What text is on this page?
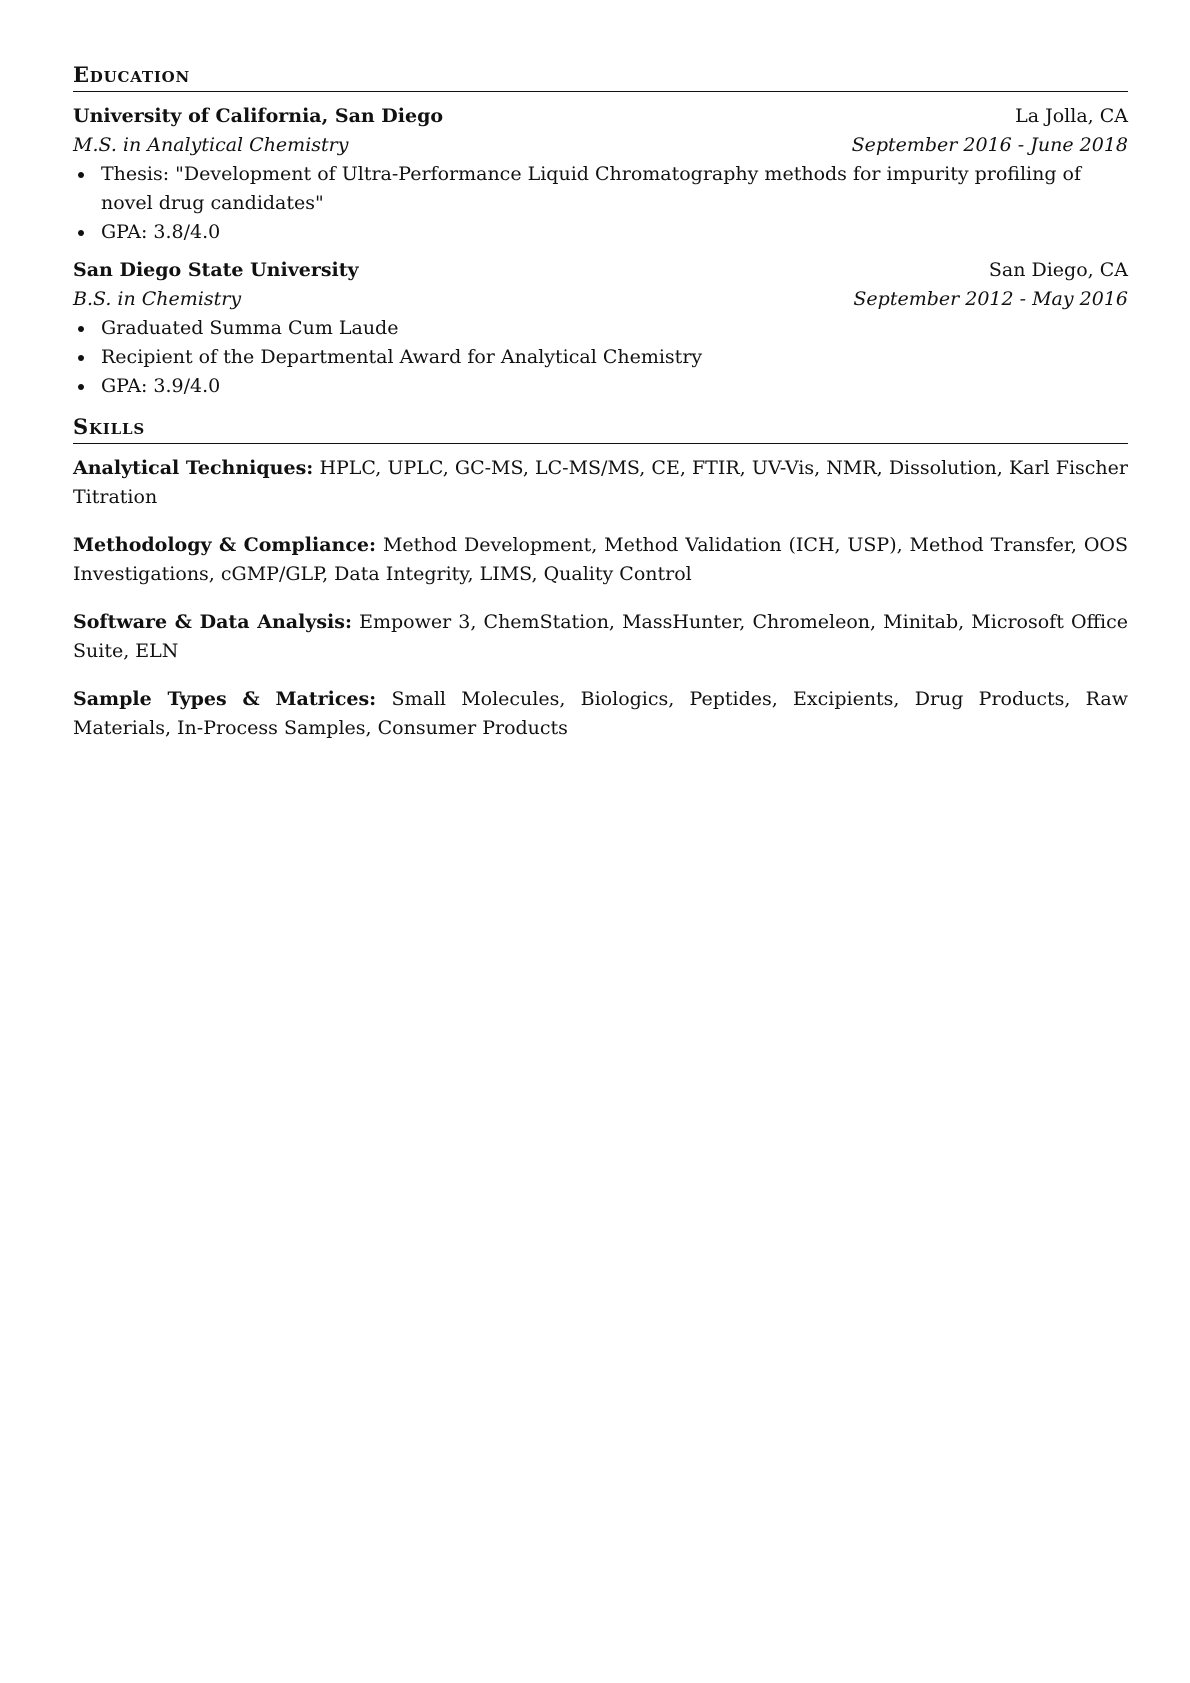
Education
University of California, San Diego	La Jolla, CA
M.S. in Analytical Chemistry	September 2016 - June 2018
Thesis: "Development of Ultra-Performance Liquid Chromatography methods for impurity profiling of novel drug candidates"
GPA: 3.8/4.0
San Diego State University	San Diego, CA
B.S. in Chemistry	September 2012 - May 2016
Graduated Summa Cum Laude
Recipient of the Departmental Award for Analytical Chemistry
GPA: 3.9/4.0
Skills

Analytical Techniques: HPLC, UPLC, GC-MS, LC-MS/MS, CE, FTIR, UV-Vis, NMR, Dissolution, Karl Fischer Titration

Methodology & Compliance: Method Development, Method Validation (ICH, USP), Method Transfer, OOS Investigations, cGMP/GLP, Data Integrity, LIMS, Quality Control

Software & Data Analysis: Empower 3, ChemStation, MassHunter, Chromeleon, Minitab, Microsoft Office Suite, ELN

Sample Types & Matrices: Small Molecules, Biologics, Peptides, Excipients, Drug Products, Raw Materials, In-Process Samples, Consumer Products
